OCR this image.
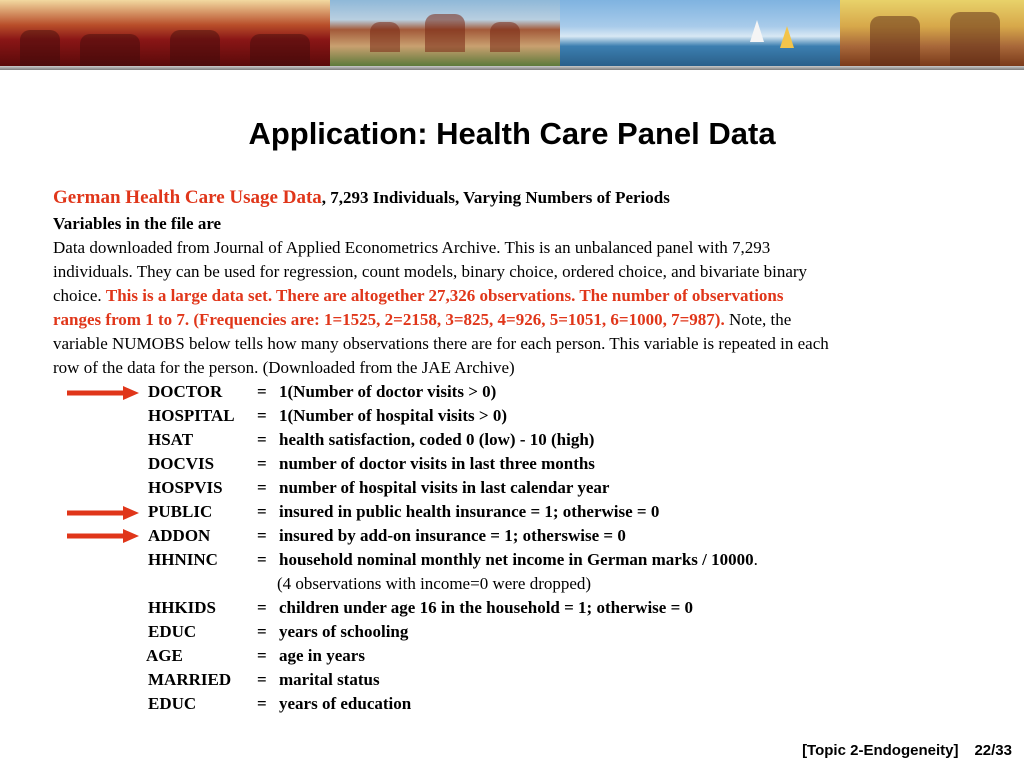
Application: Health Care Panel Data
German Health Care Usage Data, 7,293 Individuals, Varying Numbers of Periods
Variables in the file are
Data downloaded from Journal of Applied Econometrics Archive. This is an unbalanced panel with 7,293
individuals. They can be used for regression, count models, binary choice, ordered choice, and bivariate binary
choice. This is a large data set. There are altogether 27,326 observations. The number of observations
ranges from 1 to 7. (Frequencies are: 1=1525, 2=2158, 3=825, 4=926, 5=1051, 6=1000, 7=987). Note, the
variable NUMOBS below tells how many observations there are for each person. This variable is repeated in each
row of the data for the person. (Downloaded from the JAE Archive)
DOCTOR = 1(Number of doctor visits > 0)
HOSPITAL = 1(Number of hospital visits > 0)
HSAT	= health satisfaction, coded 0 (low) - 10 (high)
DOCVIS	= number of doctor visits in last three months
HOSPVIS = number of hospital visits in last calendar year
PUBLIC	= insured in public health insurance = 1; otherwise = 0
ADDON	= insured by add-on insurance = 1; otherswise = 0
HHNINC = household nominal monthly net income in German marks / 10000.
(4 observations with income=0 were dropped)
HHKIDS = children under age 16 in the household = 1; otherwise = 0
EDUC	= years of schooling
AGE	= age in years
MARRIED = marital status
EDUC	= years of education
[Topic 2-Endogeneity] 22/33
